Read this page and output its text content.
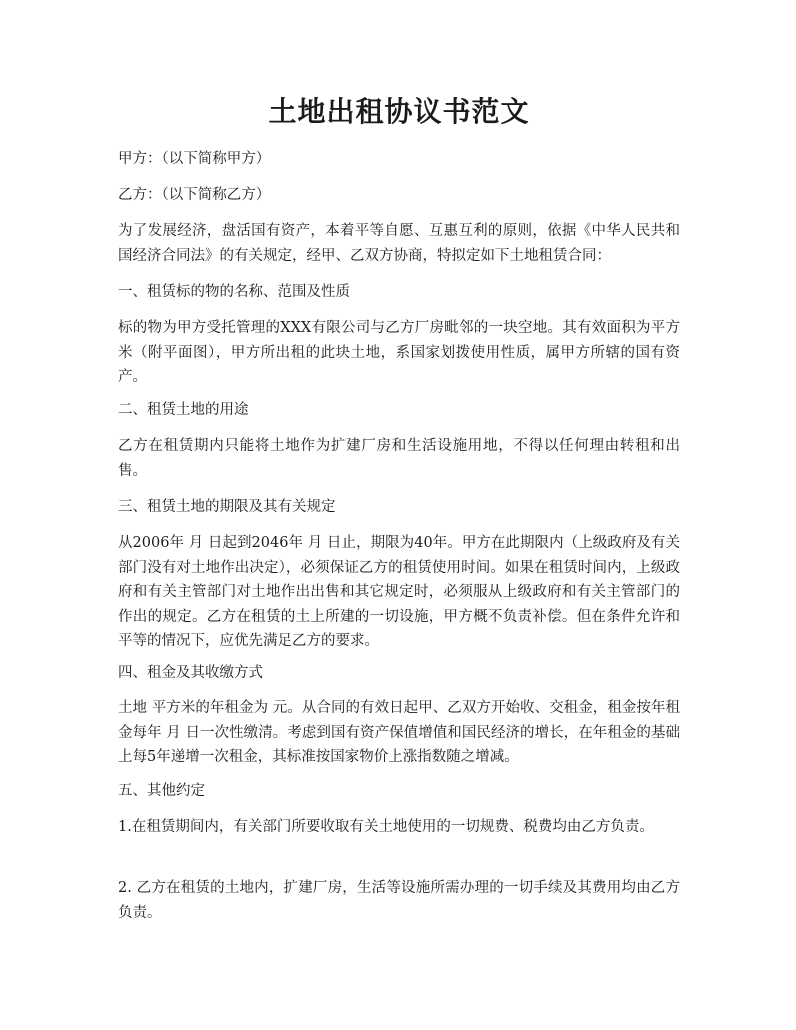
土地出租协议书范文

甲方：（以下简称甲方）

乙方：（以下简称乙方）

为了发展经济，盘活国有资产，本着平等自愿、互惠互利的原则，依据《中华人民共和国经济合同法》的有关规定，经甲、乙双方协商，特拟定如下土地租赁合同：

一、租赁标的物的名称、范围及性质

标的物为甲方受托管理的XXX有限公司与乙方厂房毗邻的一块空地。其有效面积为平方米（附平面图），甲方所出租的此块土地，系国家划拨使用性质，属甲方所辖的国有资产。

二、租赁土地的用途

乙方在租赁期内只能将土地作为扩建厂房和生活设施用地，不得以任何理由转租和出售。

三、租赁土地的期限及其有关规定

从2006年 月 日起到2046年 月 日止，期限为40年。甲方在此期限内（上级政府及有关部门没有对土地作出决定），必须保证乙方的租赁使用时间。如果在租赁时间内，上级政府和有关主管部门对土地作出出售和其它规定时，必须服从上级政府和有关主管部门的作出的规定。乙方在租赁的土上所建的一切设施，甲方概不负责补偿。但在条件允许和平等的情况下，应优先满足乙方的要求。

四、租金及其收缴方式

土地 平方米的年租金为 元。从合同的有效日起甲、乙双方开始收、交租金，租金按年租金每年 月 日一次性缴清。考虑到国有资产保值增值和国民经济的增长，在年租金的基础上每5年递增一次租金，其标准按国家物价上涨指数随之增减。

五、其他约定

1.在租赁期间内，有关部门所要收取有关土地使用的一切规费、税费均由乙方负责。

2. 乙方在租赁的土地内，扩建厂房，生活等设施所需办理的一切手续及其费用均由乙方负责。
